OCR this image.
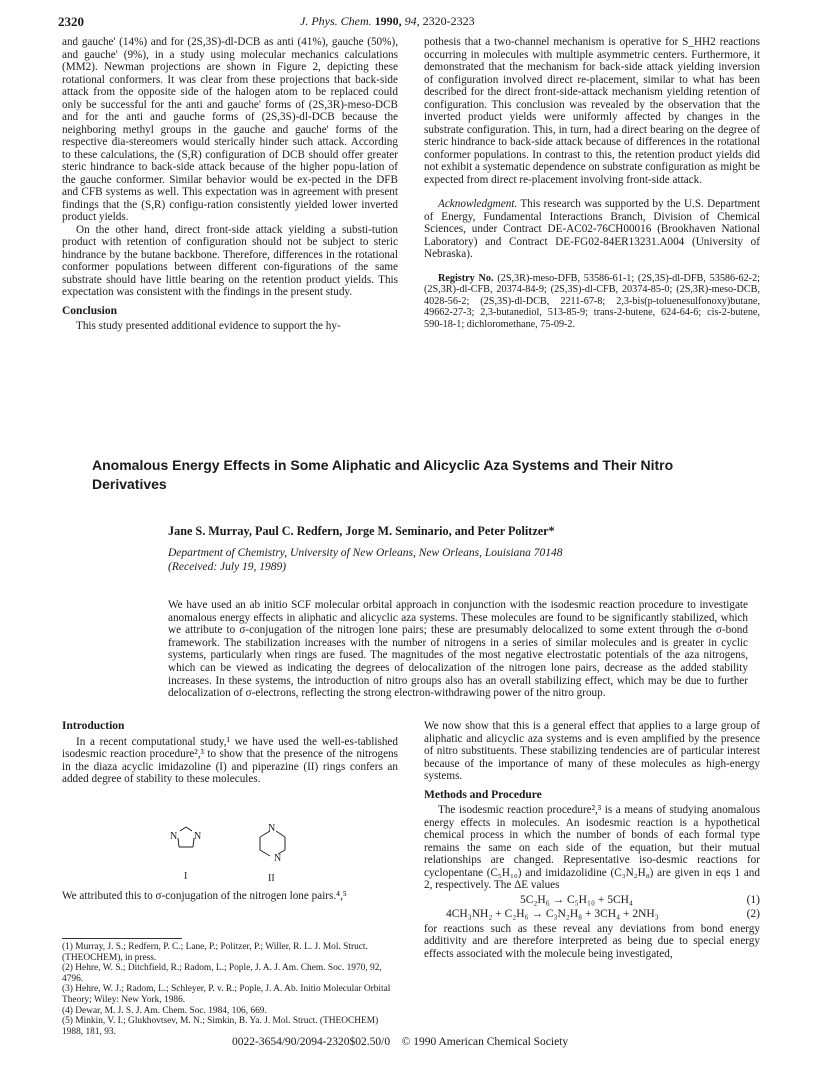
2320	J. Phys. Chem. 1990, 94, 2320-2323

and gauche' (14%) and for (2S,3S)-dl-DCB as anti (41%), gauche (50%), and gauche' (9%), in a study using molecular mechanics calculations (MM2). Newman projections are shown in Figure 2, depicting these rotational conformers. It was clear from these projections that back-side attack from the opposite side of the halogen atom to be replaced could only be successful for the anti and gauche' forms of (2S,3R)-meso-DCB and for the anti and gauche forms of (2S,3S)-dl-DCB because the neighboring methyl groups in the gauche and gauche' forms of the respective dia-stereomers would sterically hinder such attack. According to these calculations, the (S,R) configuration of DCB should offer greater steric hindrance to back-side attack because of the higher popu-lation of the gauche conformer. Similar behavior would be ex-pected in the DFB and CFB systems as well. This expectation was in agreement with present findings that the (S,R) configu-ration consistently yielded lower inverted product yields.

On the other hand, direct front-side attack yielding a substi-tution product with retention of configuration should not be subject to steric hindrance by the butane backbone. Therefore, differences in the rotational conformer populations between different con-figurations of the same substrate should have little bearing on the retention product yields. This expectation was consistent with the findings in the present study.

Conclusion

This study presented additional evidence to support the hy-

pothesis that a two-channel mechanism is operative for S_HH2 reactions occurring in molecules with multiple asymmetric centers. Furthermore, it demonstrated that the mechanism for back-side attack yielding inversion of configuration involved direct re-placement, similar to what has been described for the direct front-side-attack mechanism yielding retention of configuration. This conclusion was revealed by the observation that the inverted product yields were uniformly affected by changes in the substrate configuration. This, in turn, had a direct bearing on the degree of steric hindrance to back-side attack because of differences in the rotational conformer populations. In contrast to this, the retention product yields did not exhibit a systematic dependence on substrate configuration as might be expected from direct re-placement involving front-side attack.

Acknowledgment. This research was supported by the U.S. Department of Energy, Fundamental Interactions Branch, Division of Chemical Sciences, under Contract DE-AC02-76CH00016 (Brookhaven National Laboratory) and Contract DE-FG02-84ER13231.A004 (University of Nebraska).

Registry No. (2S,3R)-meso-DFB, 53586-61-1; (2S,3S)-dl-DFB, 53586-62-2; (2S,3R)-dl-CFB, 20374-84-9; (2S,3S)-dl-CFB, 20374-85-0; (2S,3R)-meso-DCB, 4028-56-2; (2S,3S)-dl-DCB, 2211-67-8; 2,3-bis(p-toluenesulfonoxy)butane, 49662-27-3; 2,3-butanediol, 513-85-9; trans-2-butene, 624-64-6; cis-2-butene, 590-18-1; dichloromethane, 75-09-2.

Anomalous Energy Effects in Some Aliphatic and Alicyclic Aza Systems and Their Nitro Derivatives
Jane S. Murray, Paul C. Redfern, Jorge M. Seminario, and Peter Politzer*
Department of Chemistry, University of New Orleans, New Orleans, Louisiana 70148
(Received: July 19, 1989)
We have used an ab initio SCF molecular orbital approach in conjunction with the isodesmic reaction procedure to investigate anomalous energy effects in aliphatic and alicyclic aza systems. These molecules are found to be significantly stabilized, which we attribute to σ-conjugation of the nitrogen lone pairs; these are presumably delocalized to some extent through the σ-bond framework. The stabilization increases with the number of nitrogens in a series of similar molecules and is greater in cyclic systems, particularly when rings are fused. The magnitudes of the most negative electrostatic potentials of the aza nitrogens, which can be viewed as indicating the degrees of delocalization of the nitrogen lone pairs, decrease as the added stability increases. In these systems, the introduction of nitro groups also has an overall stabilizing effect, which may be due to further delocalization of σ-electrons, reflecting the strong electron-withdrawing power of the nitro group.
Introduction

In a recent computational study,¹ we have used the well-es-tablished isodesmic reaction procedure²,³ to show that the presence of the nitrogens in the diaza acyclic imidazoline (I) and piperazine (II) rings confers an added degree of stability to these molecules.

N N
N
N
I	II

We attributed this to σ-conjugation of the nitrogen lone pairs.⁴,⁵

(1) Murray, J. S.; Redfern, P. C.; Lane, P.; Politzer, P.; Willer, R. L. J. Mol. Struct. (THEOCHEM), in press.

(2) Hehre, W. S.; Ditchfield, R.; Radom, L.; Pople, J. A. J. Am. Chem. Soc. 1970, 92, 4796.

(3) Hehre, W. J.; Radom, L.; Schleyer, P. v. R.; Pople, J. A. Ab. Initio Molecular Orbital Theory; Wiley: New York, 1986.

(4) Dewar, M. J. S. J. Am. Chem. Soc. 1984, 106, 669.

(5) Minkin, V. I.; Glukhovtsev, M. N.; Simkin, B. Ya. J. Mol. Struct. (THEOCHEM) 1988, 181, 93.

We now show that this is a general effect that applies to a large group of aliphatic and alicyclic aza systems and is even amplified by the presence of nitro substituents. These stabilizing tendencies are of particular interest because of the importance of many of these molecules as high-energy systems.

Methods and Procedure

The isodesmic reaction procedure²,³ is a means of studying anomalous energy effects in molecules. An isodesmic reaction is a hypothetical chemical process in which the number of bonds of each formal type remains the same on each side of the equation, but their mutual relationships are changed. Representative iso-desmic reactions for cyclopentane (C₅H₁₀) and imidazolidine (C₃N₂H₈) are given in eqs 1 and 2, respectively. The ΔE values

5C₂H₆ → C₅H₁₀ + 5CH₄	(1)
4CH₃NH₂ + C₂H₆ → C₃N₂H₈ + 3CH₄ + 2NH₃	(2)

for reactions such as these reveal any deviations from bond energy additivity and are therefore interpreted as being due to special energy effects associated with the molecule being investigated,

0022-3654/90/2094-2320$02.50/0 © 1990 American Chemical Society
